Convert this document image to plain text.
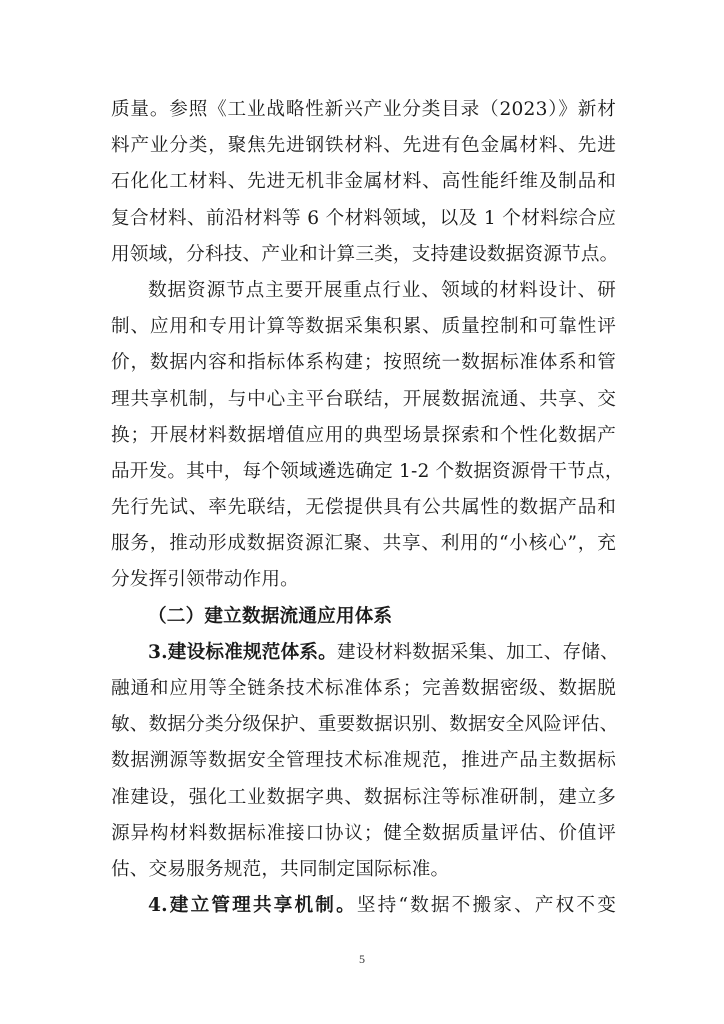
质量。参照《工业战略性新兴产业分类目录（2023）》新材
料产业分类，聚焦先进钢铁材料、先进有色金属材料、先进
石化化工材料、先进无机非金属材料、高性能纤维及制品和
复合材料、前沿材料等 6 个材料领域，以及 1 个材料综合应
用领域，分科技、产业和计算三类，支持建设数据资源节点。
数据资源节点主要开展重点行业、领域的材料设计、研
制、应用和专用计算等数据采集积累、质量控制和可靠性评
价，数据内容和指标体系构建；按照统一数据标准体系和管
理共享机制，与中心主平台联结，开展数据流通、共享、交
换；开展材料数据增值应用的典型场景探索和个性化数据产
品开发。其中，每个领域遴选确定 1-2 个数据资源骨干节点，
先行先试、率先联结，无偿提供具有公共属性的数据产品和
服务，推动形成数据资源汇聚、共享、利用的“小核心”，充
分发挥引领带动作用。
（二）建立数据流通应用体系
3.建设标准规范体系。建设材料数据采集、加工、存储、
融通和应用等全链条技术标准体系；完善数据密级、数据脱
敏、数据分类分级保护、重要数据识别、数据安全风险评估、
数据溯源等数据安全管理技术标准规范，推进产品主数据标
准建设，强化工业数据字典、数据标注等标准研制，建立多
源异构材料数据标准接口协议；健全数据质量评估、价值评
估、交易服务规范，共同制定国际标准。
4.建立管理共享机制。坚持“数据不搬家、产权不变
5
